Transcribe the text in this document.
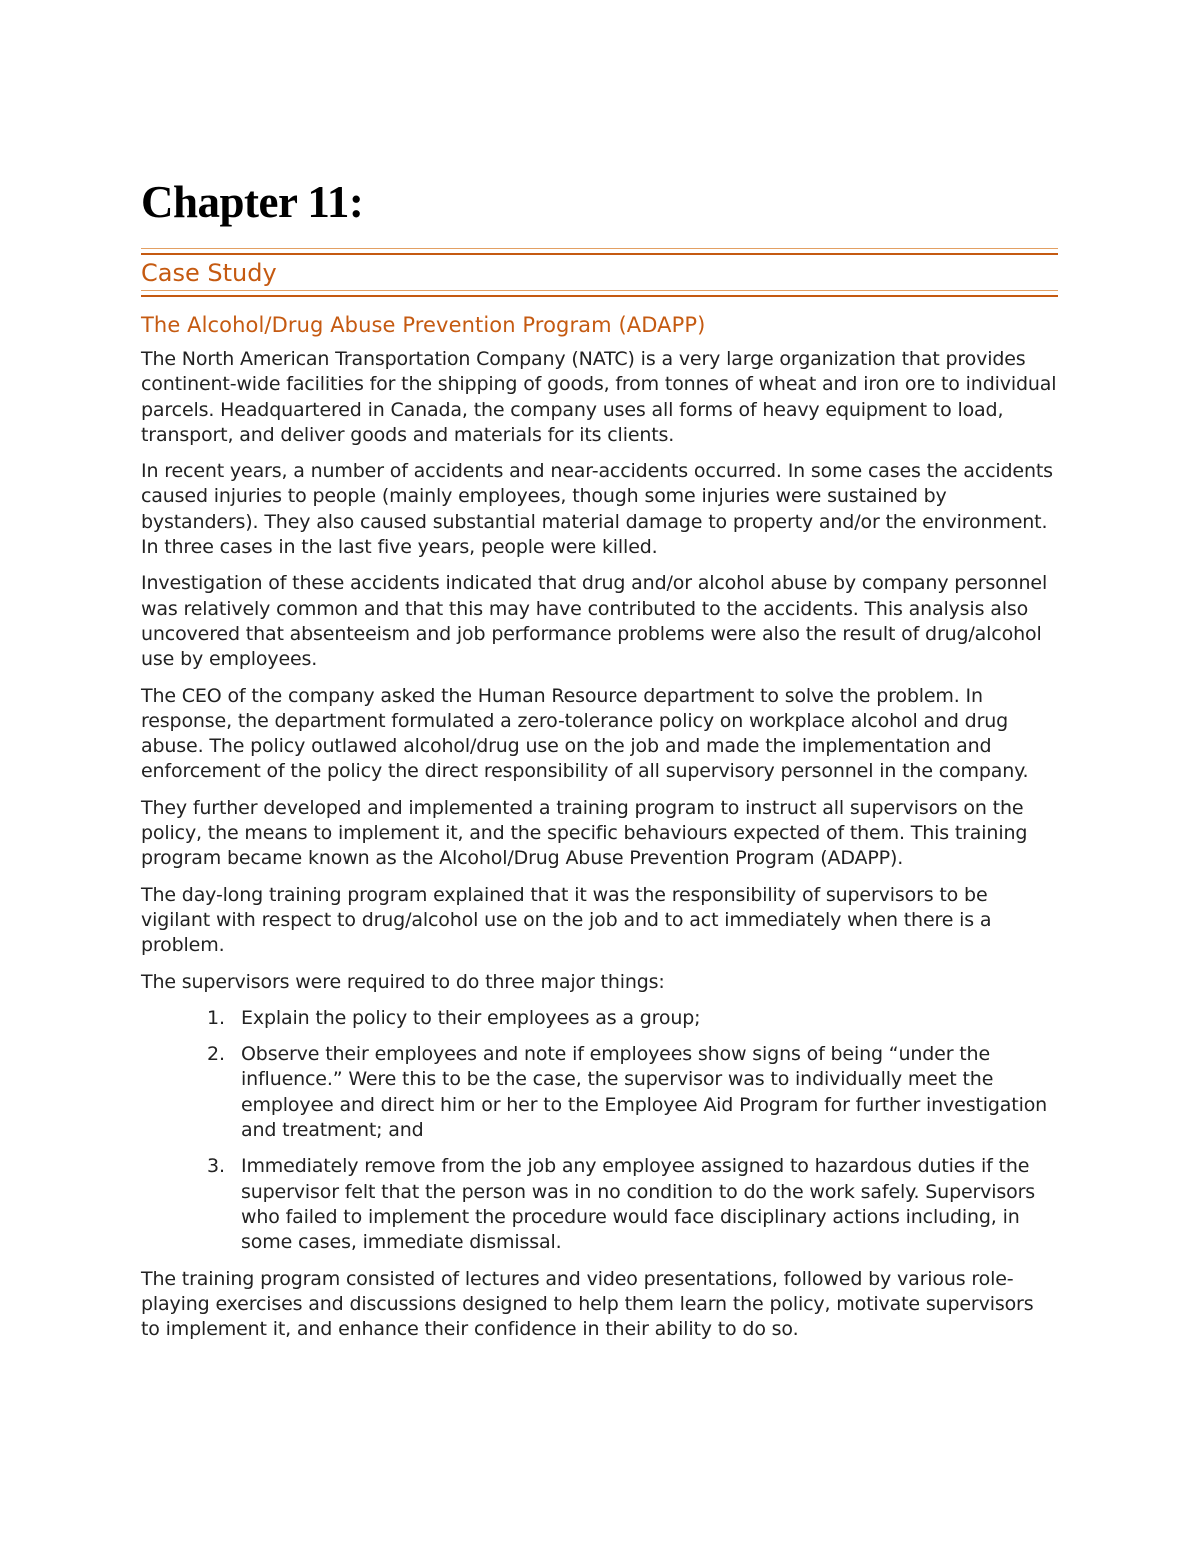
Chapter 11:
Case Study
The Alcohol/Drug Abuse Prevention Program (ADAPP)

The North American Transportation Company (NATC) is a very large organization that provides continent-wide facilities for the shipping of goods, from tonnes of wheat and iron ore to individual parcels. Headquartered in Canada, the company uses all forms of heavy equipment to load, transport, and deliver goods and materials for its clients.

In recent years, a number of accidents and near-accidents occurred. In some cases the accidents caused injuries to people (mainly employees, though some injuries were sustained by bystanders). They also caused substantial material damage to property and/or the environment. In three cases in the last five years, people were killed.

Investigation of these accidents indicated that drug and/or alcohol abuse by company personnel was relatively common and that this may have contributed to the accidents. This analysis also uncovered that absenteeism and job performance problems were also the result of drug/alcohol use by employees.

The CEO of the company asked the Human Resource department to solve the problem. In response, the department formulated a zero-tolerance policy on workplace alcohol and drug abuse. The policy outlawed alcohol/drug use on the job and made the implementation and enforcement of the policy the direct responsibility of all supervisory personnel in the company.

They further developed and implemented a training program to instruct all supervisors on the policy, the means to implement it, and the specific behaviours expected of them. This training program became known as the Alcohol/Drug Abuse Prevention Program (ADAPP).

The day-long training program explained that it was the responsibility of supervisors to be vigilant with respect to drug/alcohol use on the job and to act immediately when there is a problem.

The supervisors were required to do three major things:

1. Explain the policy to their employees as a group;
2. Observe their employees and note if employees show signs of being “under the influence.” Were this to be the case, the supervisor was to individually meet the employee and direct him or her to the Employee Aid Program for further investigation and treatment; and
3. Immediately remove from the job any employee assigned to hazardous duties if the supervisor felt that the person was in no condition to do the work safely. Supervisors who failed to implement the procedure would face disciplinary actions including, in some cases, immediate dismissal.

The training program consisted of lectures and video presentations, followed by various role-playing exercises and discussions designed to help them learn the policy, motivate supervisors to implement it, and enhance their confidence in their ability to do so.
